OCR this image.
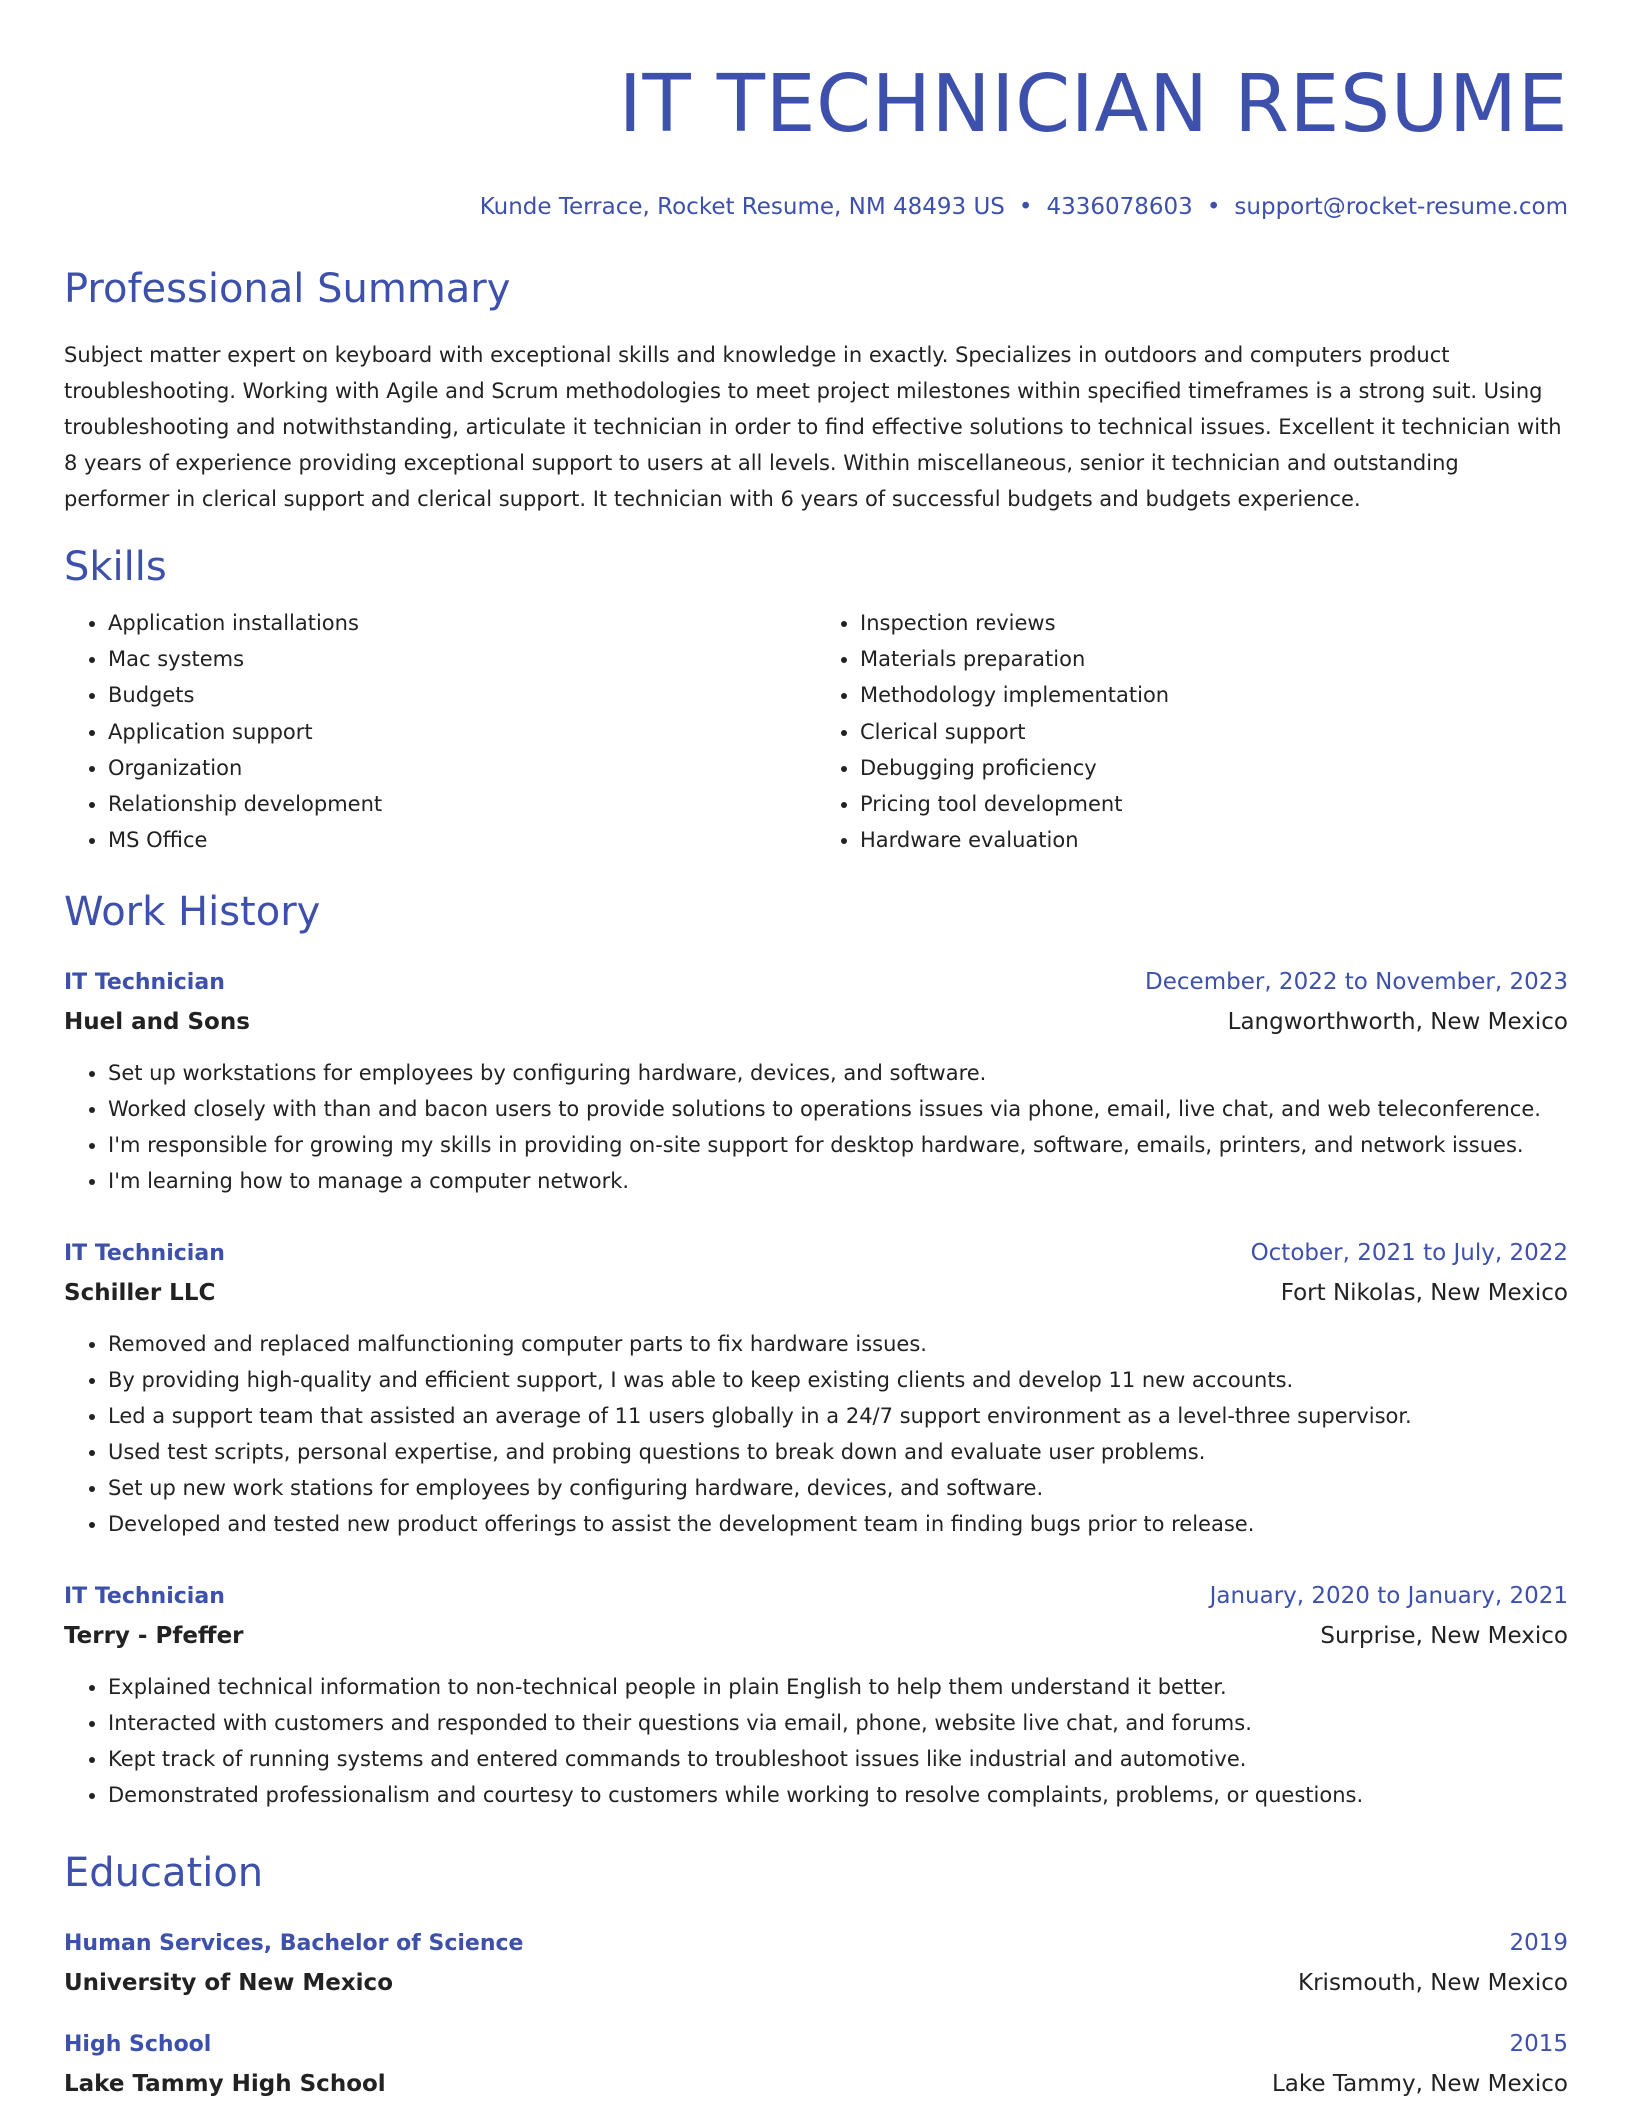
IT TECHNICIAN RESUME
Kunde Terrace, Rocket Resume, NM 48493 US • 4336078603 • support@rocket-resume.com
Professional Summary

Subject matter expert on keyboard with exceptional skills and knowledge in exactly. Specializes in outdoors and computers product troubleshooting. Working with Agile and Scrum methodologies to meet project milestones within specified timeframes is a strong suit. Using troubleshooting and notwithstanding, articulate it technician in order to find effective solutions to technical issues. Excellent it technician with 8 years of experience providing exceptional support to users at all levels. Within miscellaneous, senior it technician and outstanding performer in clerical support and clerical support. It technician with 6 years of successful budgets and budgets experience.

Skills
• Application installations
• Mac systems
• Budgets
• Application support
• Organization
• Relationship development
• MS Office
• Inspection reviews
• Materials preparation
• Methodology implementation
• Clerical support
• Debugging proficiency
• Pricing tool development
• Hardware evaluation
Work History
IT Technician	December, 2022 to November, 2023
Huel and Sons	Langworthworth, New Mexico
• Set up workstations for employees by configuring hardware, devices, and software.
• Worked closely with than and bacon users to provide solutions to operations issues via phone, email, live chat, and web teleconference.
• I'm responsible for growing my skills in providing on-site support for desktop hardware, software, emails, printers, and network issues.
• I'm learning how to manage a computer network.
IT Technician	October, 2021 to July, 2022
Schiller LLC	Fort Nikolas, New Mexico
• Removed and replaced malfunctioning computer parts to fix hardware issues.
• By providing high-quality and efficient support, I was able to keep existing clients and develop 11 new accounts.
• Led a support team that assisted an average of 11 users globally in a 24/7 support environment as a level-three supervisor.
• Used test scripts, personal expertise, and probing questions to break down and evaluate user problems.
• Set up new work stations for employees by configuring hardware, devices, and software.
• Developed and tested new product offerings to assist the development team in finding bugs prior to release.
IT Technician	January, 2020 to January, 2021
Terry - Pfeffer	Surprise, New Mexico
• Explained technical information to non-technical people in plain English to help them understand it better.
• Interacted with customers and responded to their questions via email, phone, website live chat, and forums.
• Kept track of running systems and entered commands to troubleshoot issues like industrial and automotive.
• Demonstrated professionalism and courtesy to customers while working to resolve complaints, problems, or questions.
Education
Human Services, Bachelor of Science	2019
University of New Mexico	Krismouth, New Mexico
High School	2015
Lake Tammy High School	Lake Tammy, New Mexico
